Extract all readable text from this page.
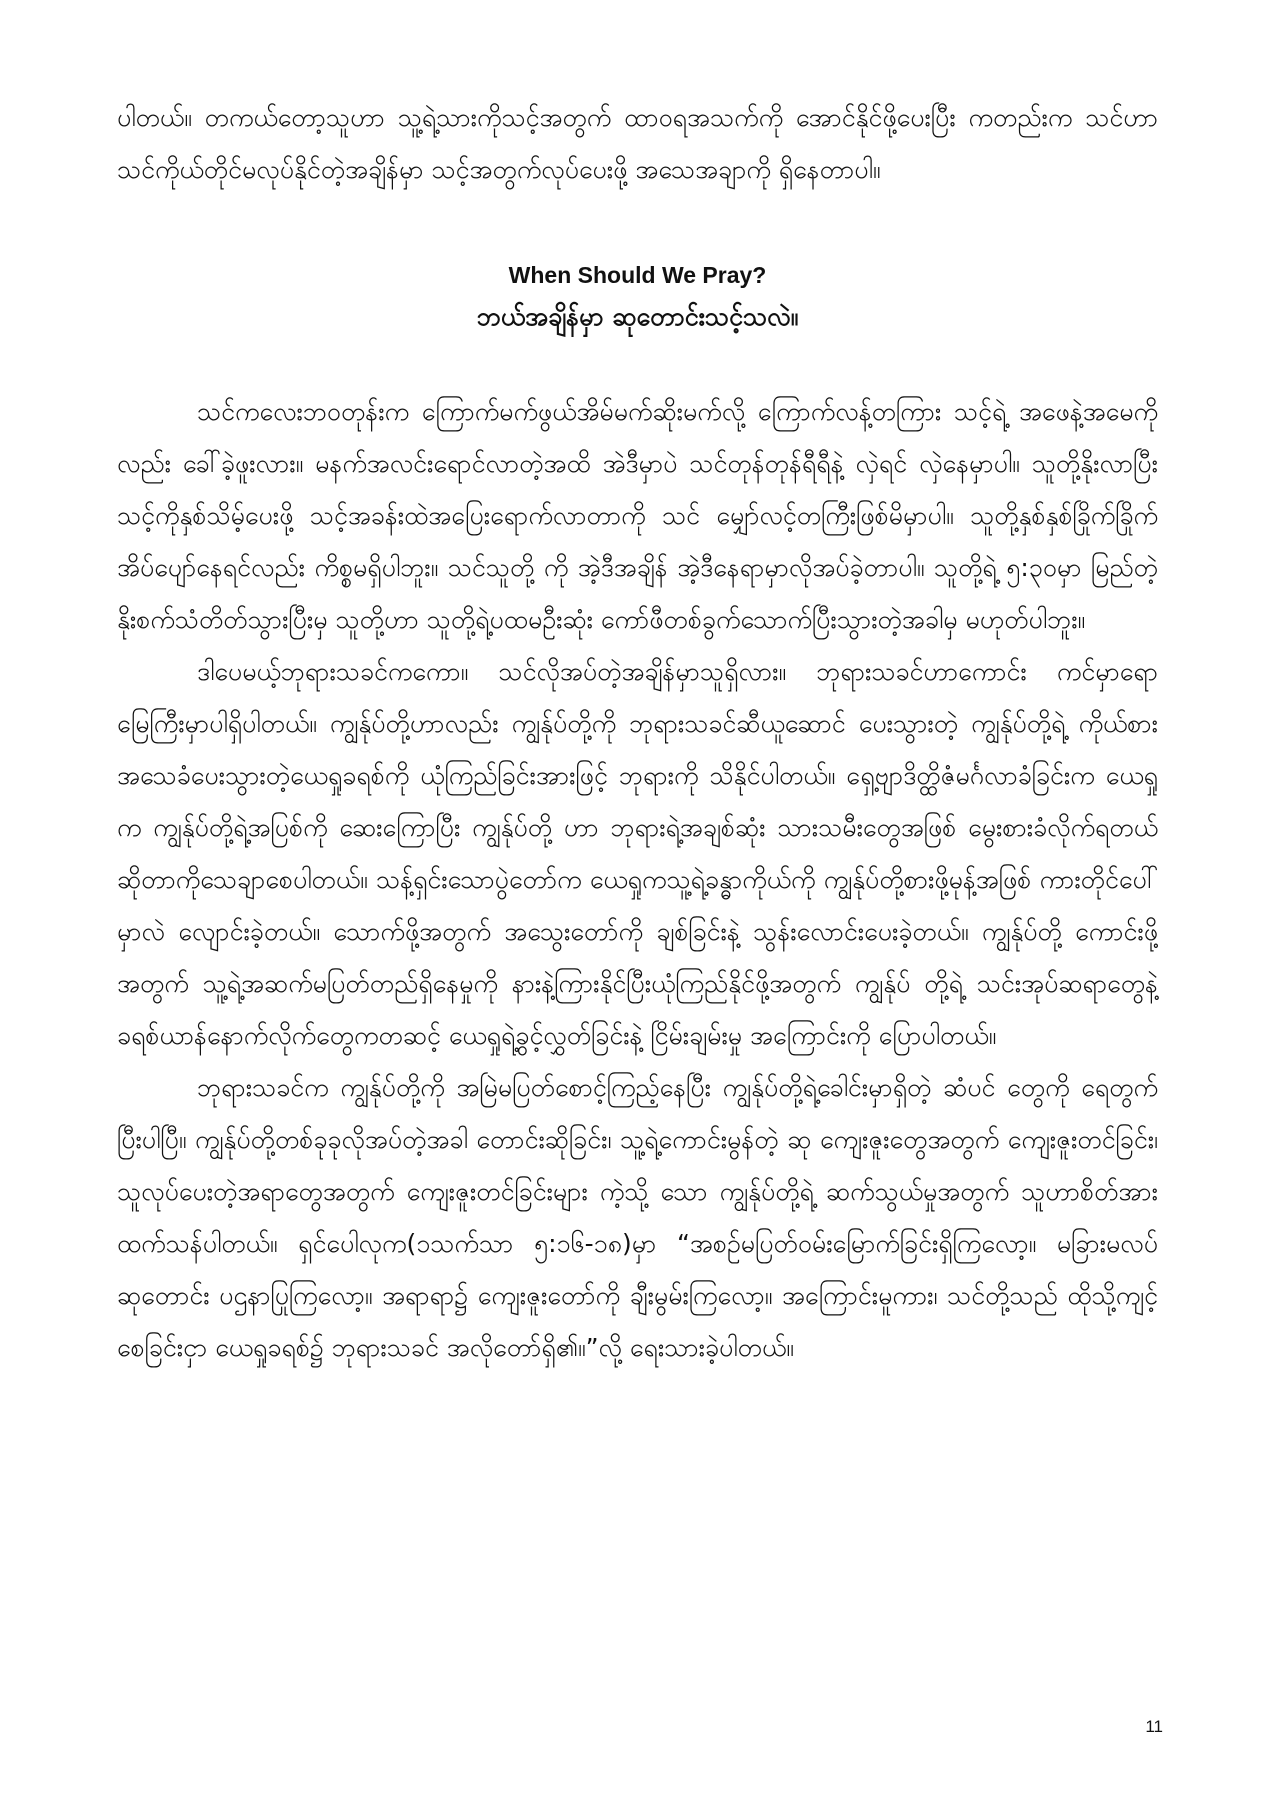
ပါတယ်။ တကယ်တော့သူဟာ သူ့ရဲ့သားကိုသင့်အတွက် ထာဝရအသက်ကို အောင်နိုင်ဖို့ပေးပြီး ကတည်းက သင်ဟာသင်ကိုယ်တိုင်မလုပ်နိုင်တဲ့အချိန်မှာ သင့်အတွက်လုပ်ပေးဖို့ အသေအချာကို ရှိနေတာပါ။

When Should We Pray?

ဘယ်အချိန်မှာ ဆုတောင်းသင့်သလဲ။

သင်ကလေးဘဝတုန်းက ကြောက်မက်ဖွယ်အိမ်မက်ဆိုးမက်လို့ ကြောက်လန့်တကြား သင့်ရဲ့ အဖေနဲ့အမေကိုလည်း ခေါ်ခဲ့ဖူးလား။ မနက်အလင်းရောင်လာတဲ့အထိ အဲဒီမှာပဲ သင်တုန်တုန်ရီရီနဲ့ လှဲရင် လှဲနေမှာပါ။ သူတို့နိုးလာပြီး သင့်ကိုနှစ်သိမ့်ပေးဖို့ သင့်အခန်းထဲအပြေးရောက်လာတာကို သင် မျှော်လင့်တကြီးဖြစ်မိမှာပါ။ သူတို့နှစ်နှစ်ခြိုက်ခြိုက်အိပ်ပျော်နေရင်လည်း ကိစ္စမရှိပါဘူး။ သင်သူတို့ ကို အဲ့ဒီအချိန် အဲ့ဒီနေရာမှာလိုအပ်ခဲ့တာပါ။ သူတို့ရဲ့ ၅:၃၀မှာ မြည်တဲ့နိုးစက်သံတိတ်သွားပြီးမှ သူတို့ဟာ သူတို့ရဲ့ပထမဦးဆုံး ကော်ဖီတစ်ခွက်သောက်ပြီးသွားတဲ့အခါမှ မဟုတ်ပါဘူး။

ဒါပေမယ့်ဘုရားသခင်ကကော။ သင်လိုအပ်တဲ့အချိန်မှာသူရှိလား။ ဘုရားသခင်ဟာကောင်း ကင်မှာရော မြေကြီးမှာပါရှိပါတယ်။ ကျွန်ုပ်တို့ဟာလည်း ကျွန်ုပ်တို့ကို ဘုရားသခင်ဆီယူဆောင် ပေးသွားတဲ့ ကျွန်ုပ်တို့ရဲ့ ကိုယ်စားအသေခံပေးသွားတဲ့ယေရှုခရစ်ကို ယုံကြည်ခြင်းအားဖြင့် ဘုရားကို သိနိုင်ပါတယ်။ ရှေ့ဗျာဒိတ္ထိဇံမင်္ဂလာခံခြင်းက ယေရှုက ကျွန်ုပ်တို့ရဲ့အပြစ်ကို ဆေးကြောပြီး ကျွန်ုပ်တို့ ဟာ ဘုရားရဲ့အချစ်ဆုံး သားသမီးတွေအဖြစ် မွေးစားခံလိုက်ရတယ် ဆိုတာကိုသေချာစေပါတယ်။ သန့်ရှင်းသောပွဲတော်က ယေရှုကသူ့ရဲ့ခန္ဓာကိုယ်ကို ကျွန်ုပ်တို့စားဖို့မုန့်အဖြစ် ကားတိုင်ပေါ်မှာလဲ လျောင်းခဲ့တယ်။ သောက်ဖို့အတွက် အသွေးတော်ကို ချစ်ခြင်းနဲ့ သွန်းလောင်းပေးခဲ့တယ်။ ကျွန်ုပ်တို့ ကောင်းဖို့အတွက် သူ့ရဲ့အဆက်မပြတ်တည်ရှိနေမှုကို နားနဲ့ကြားနိုင်ပြီးယုံကြည်နိုင်ဖို့အတွက် ကျွန်ုပ် တို့ရဲ့ သင်းအုပ်ဆရာတွေနဲ့ ခရစ်ယာန်နောက်လိုက်တွေကတဆင့် ယေရှုရဲ့ခွင့်လွှတ်ခြင်းနဲ့ ငြိမ်းချမ်းမှု အကြောင်းကို ပြောပါတယ်။

ဘုရားသခင်က ကျွန်ုပ်တို့ကို အမြဲမပြတ်စောင့်ကြည့်နေပြီး ကျွန်ုပ်တို့ရဲ့ခေါင်းမှာရှိတဲ့ ဆံပင် တွေကို ရေတွက်ပြီးပါပြီ။ ကျွန်ုပ်တို့တစ်ခုခုလိုအပ်တဲ့အခါ တောင်းဆိုခြင်း၊ သူ့ရဲ့ကောင်းမွန်တဲ့ ဆု ကျေးဇူးတွေအတွက် ကျေးဇူးတင်ခြင်း၊ သူလုပ်ပေးတဲ့အရာတွေအတွက် ကျေးဇူးတင်ခြင်းများ ကဲ့သို့ သော ကျွန်ုပ်တို့ရဲ့ ဆက်သွယ်မှုအတွက် သူဟာစိတ်အားထက်သန်ပါတယ်။ ရှင်ပေါလုက(၁သက်သာ ၅:၁၆-၁၈)မှာ “အစဉ်မပြတ်ဝမ်းမြောက်ခြင်းရှိကြလော့။ မခြားမလပ်ဆုတောင်း ပဌနာပြုကြလော့။ အရာရာ၌ ကျေးဇူးတော်ကို ချီးမွမ်းကြလော့။ အကြောင်းမူကား၊ သင်တို့သည် ထိုသို့ကျင့်စေခြင်းငှာ ယေရှုခရစ်၌ ဘုရားသခင် အလိုတော်ရှိ၏။”လို့ ရေးသားခဲ့ပါတယ်။

11
